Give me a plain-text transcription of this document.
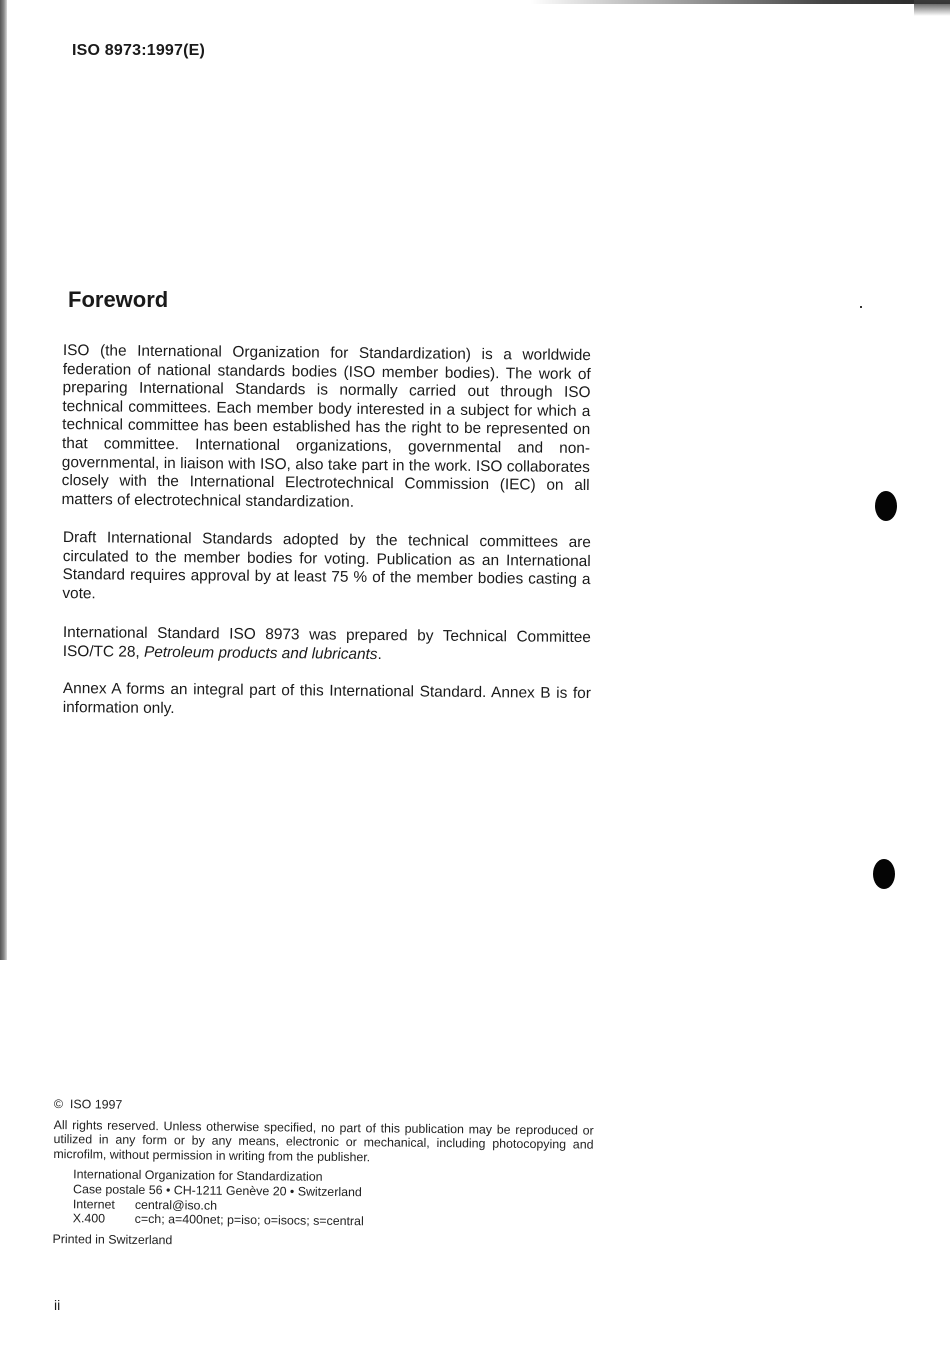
ISO 8973:1997(E)

Foreword

ISO (the International Organization for Standardization) is a worldwide federation of national standards bodies (ISO member bodies). The work of preparing International Standards is normally carried out through ISO technical committees. Each member body interested in a subject for which a technical committee has been established has the right to be represented on that committee. International organizations, governmental and non-governmental, in liaison with ISO, also take part in the work. ISO collaborates closely with the International Electrotechnical Commission (IEC) on all matters of electrotechnical standardization.

Draft International Standards adopted by the technical committees are circulated to the member bodies for voting. Publication as an International Standard requires approval by at least 75 % of the member bodies casting a vote.

International Standard ISO 8973 was prepared by Technical Committee ISO/TC 28, Petroleum products and lubricants.

Annex A forms an integral part of this International Standard. Annex B is for information only.

© ISO 1997

All rights reserved. Unless otherwise specified, no part of this publication may be reproduced or utilized in any form or by any means, electronic or mechanical, including photocopying and microfilm, without permission in writing from the publisher.

International Organization for Standardization
Case postale 56 • CH-1211 Genève 20 • Switzerland
Internet central@iso.ch
X.400 c=ch; a=400net; p=iso; o=isocs; s=central

Printed in Switzerland

ii
